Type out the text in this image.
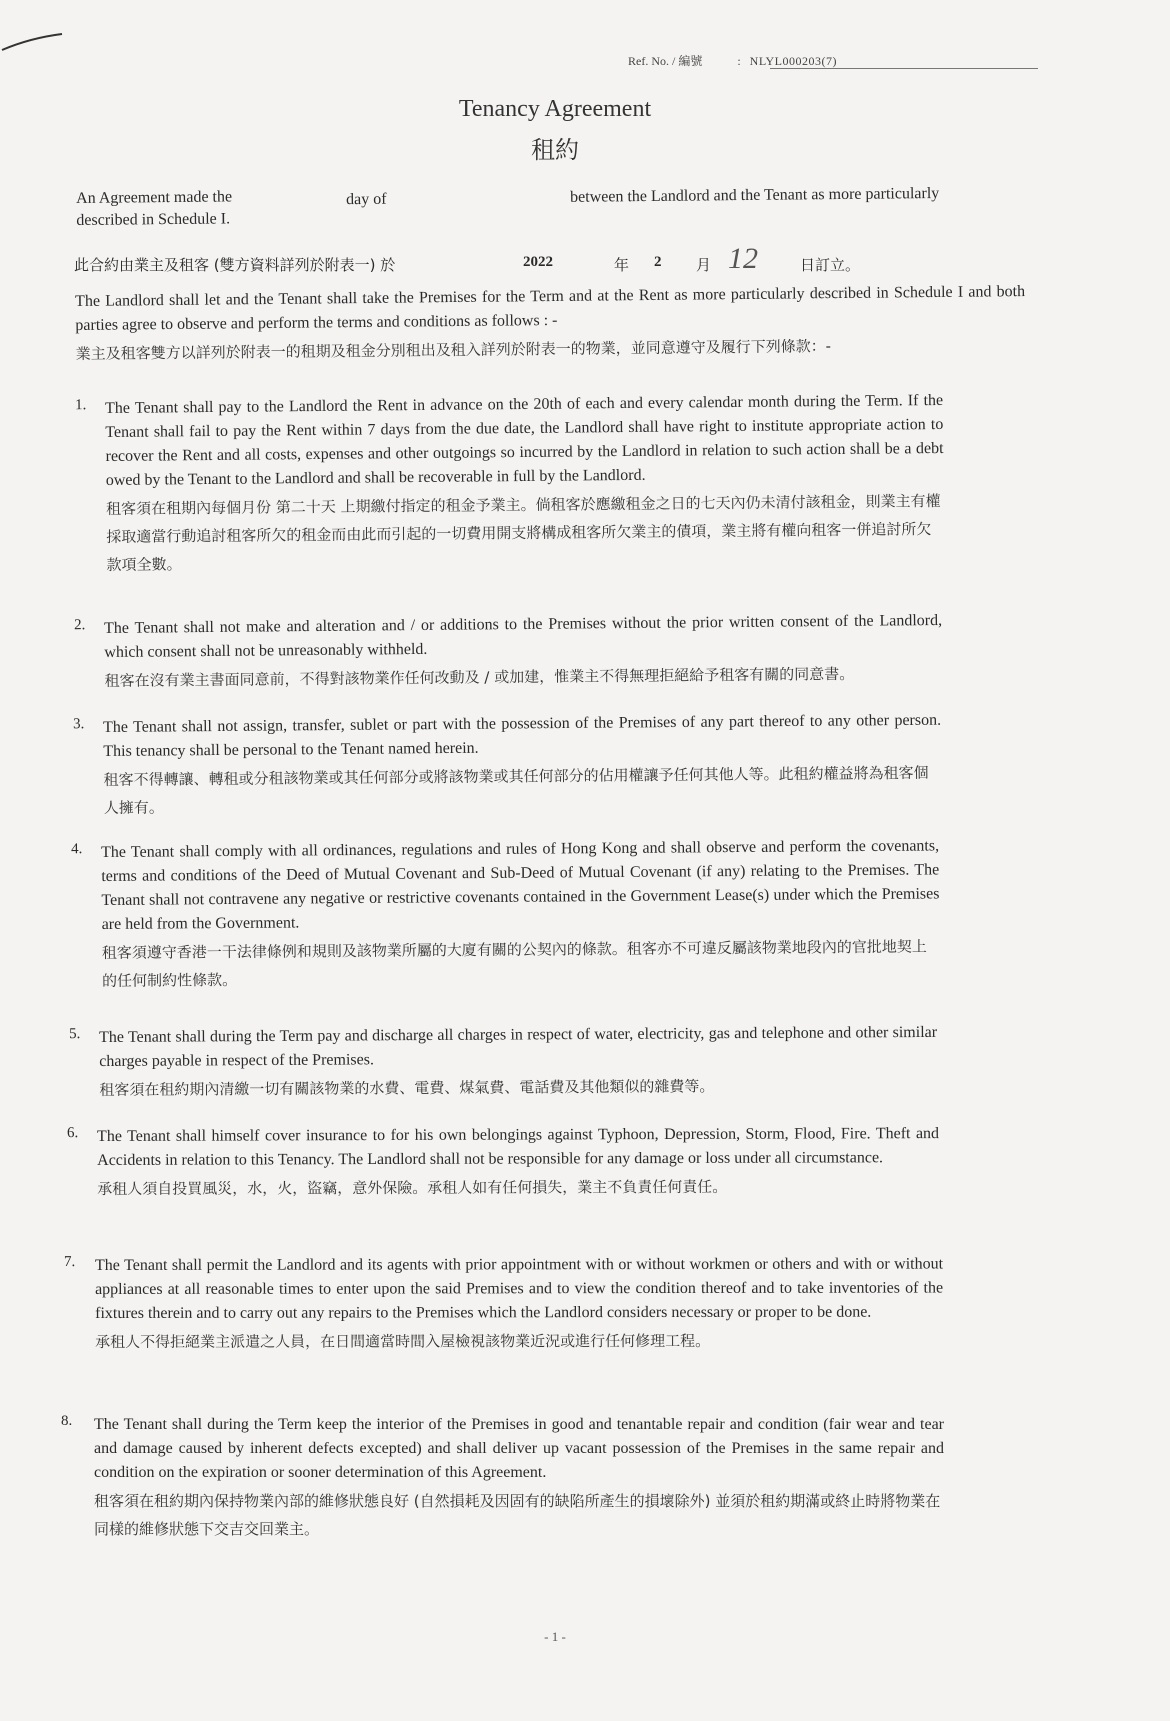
Ref. No. / 編號	: NLYL000203(7)
Tenancy Agreement
租約
An Agreement made the
described in Schedule I.
day of	between the Landlord and the Tenant as more particularly
此合約由業主及租客 (雙方資料詳列於附表一) 於	2022	年 2 月 12	日訂立。

The Landlord shall let and the Tenant shall take the Premises for the Term and at the Rent as more particularly described in Schedule I and both parties agree to observe and perform the terms and conditions as follows : -

業主及租客雙方以詳列於附表一的租期及租金分別租出及租入詳列於附表一的物業，並同意遵守及履行下列條款：-

1. The Tenant shall pay to the Landlord the Rent in advance on the 20th of each and every calendar month during the Term. If the Tenant shall fail to pay the Rent within 7 days from the due date, the Landlord shall have right to institute appropriate action to recover the Rent and all costs, expenses and other outgoings so incurred by the Landlord in relation to such action shall be a debt owed by the Tenant to the Landlord and shall be recoverable in full by the Landlord.

租客須在租期內每個月份 第二十天 上期繳付指定的租金予業主。倘租客於應繳租金之日的七天內仍未清付該租金，則業主有權採取適當行動追討租客所欠的租金而由此而引起的一切費用開支將構成租客所欠業主的債項，業主將有權向租客一併追討所欠款項全數。

2. The Tenant shall not make and alteration and / or additions to the Premises without the prior written consent of the Landlord, which consent shall not be unreasonably withheld.

租客在沒有業主書面同意前，不得對該物業作任何改動及 / 或加建，惟業主不得無理拒絕給予租客有關的同意書。

3. The Tenant shall not assign, transfer, sublet or part with the possession of the Premises of any part thereof to any other person. This tenancy shall be personal to the Tenant named herein.

租客不得轉讓、轉租或分租該物業或其任何部分或將該物業或其任何部分的佔用權讓予任何其他人等。此租約權益將為租客個人擁有。

4. The Tenant shall comply with all ordinances, regulations and rules of Hong Kong and shall observe and perform the covenants, terms and conditions of the Deed of Mutual Covenant and Sub-Deed of Mutual Covenant (if any) relating to the Premises. The Tenant shall not contravene any negative or restrictive covenants contained in the Government Lease(s) under which the Premises are held from the Government.

租客須遵守香港一干法律條例和規則及該物業所屬的大廈有關的公契內的條款。租客亦不可違反屬該物業地段內的官批地契上的任何制約性條款。

5. The Tenant shall during the Term pay and discharge all charges in respect of water, electricity, gas and telephone and other similar charges payable in respect of the Premises.

租客須在租約期內清繳一切有關該物業的水費、電費、煤氣費、電話費及其他類似的雜費等。

6. The Tenant shall himself cover insurance to for his own belongings against Typhoon, Depression, Storm, Flood, Fire. Theft and Accidents in relation to this Tenancy. The Landlord shall not be responsible for any damage or loss under all circumstance.

承租人須自投買風災，水，火，盜竊，意外保險。承租人如有任何損失，業主不負責任何責任。

7. The Tenant shall permit the Landlord and its agents with prior appointment with or without workmen or others and with or without appliances at all reasonable times to enter upon the said Premises and to view the condition thereof and to take inventories of the fixtures therein and to carry out any repairs to the Premises which the Landlord considers necessary or proper to be done.

承租人不得拒絕業主派遣之人員，在日間適當時間入屋檢視該物業近況或進行任何修理工程。

8. The Tenant shall during the Term keep the interior of the Premises in good and tenantable repair and condition (fair wear and tear and damage caused by inherent defects excepted) and shall deliver up vacant possession of the Premises in the same repair and condition on the expiration or sooner determination of this Agreement.

租客須在租約期內保持物業內部的維修狀態良好 (自然損耗及因固有的缺陷所產生的損壞除外) 並須於租約期滿或終止時將物業在同樣的維修狀態下交吉交回業主。

- 1 -
